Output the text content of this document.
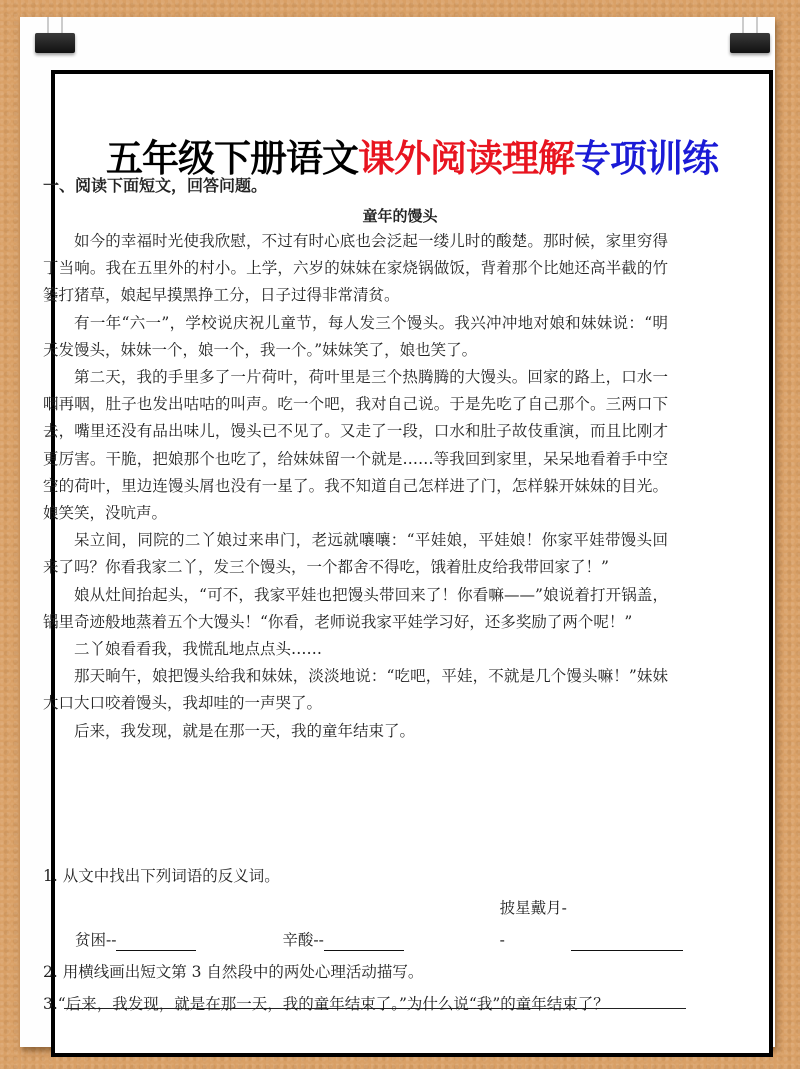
五年级下册语文课外阅读理解专项训练
一、阅读下面短文，回答问题。
童年的馒头

如今的幸福时光使我欣慰，不过有时心底也会泛起一缕儿时的酸楚。那时候，家里穷得丁当响。我在五里外的村小。上学，六岁的妹妹在家烧锅做饭，背着那个比她还高半截的竹篓打猪草，娘起早摸黑挣工分，日子过得非常清贫。

有一年“六一”，学校说庆祝儿童节，每人发三个馒头。我兴冲冲地对娘和妹妹说：“明天发馒头，妹妹一个，娘一个，我一个。”妹妹笑了，娘也笑了。

第二天，我的手里多了一片荷叶，荷叶里是三个热腾腾的大馒头。回家的路上，口水一咽再咽，肚子也发出咕咕的叫声。吃一个吧，我对自己说。于是先吃了自己那个。三两口下去，嘴里还没有品出味儿，馒头已不见了。又走了一段，口水和肚子故伎重演，而且比刚才更厉害。干脆，把娘那个也吃了，给妹妹留一个就是……等我回到家里，呆呆地看着手中空空的荷叶，里边连馒头屑也没有一星了。我不知道自己怎样进了门，怎样躲开妹妹的目光。娘笑笑，没吭声。

呆立间，同院的二丫娘过来串门，老远就嚷嚷：“平娃娘，平娃娘！你家平娃带馒头回来了吗？你看我家二丫，发三个馒头，一个都舍不得吃，饿着肚皮给我带回家了！”

娘从灶间抬起头，“可不，我家平娃也把馒头带回来了！你看嘛——”娘说着打开锅盖，锅里奇迹般地蒸着五个大馒头！“你看，老师说我家平娃学习好，还多奖励了两个呢！”

二丫娘看看我，我慌乱地点点头……

那天晌午，娘把馒头给我和妹妹，淡淡地说：“吃吧，平娃，不就是几个馒头嘛！”妹妹大口大口咬着馒头，我却哇的一声哭了。

后来，我发现，就是在那一天，我的童年结束了。

1. 从文中找出下列词语的反义词。
贫困--	辛酸--
披星戴月--
2. 用横线画出短文第 3 自然段中的两处心理活动描写。
3.“后来，我发现，就是在那一天，我的童年结束了。”为什么说“我”的童年结束了？
